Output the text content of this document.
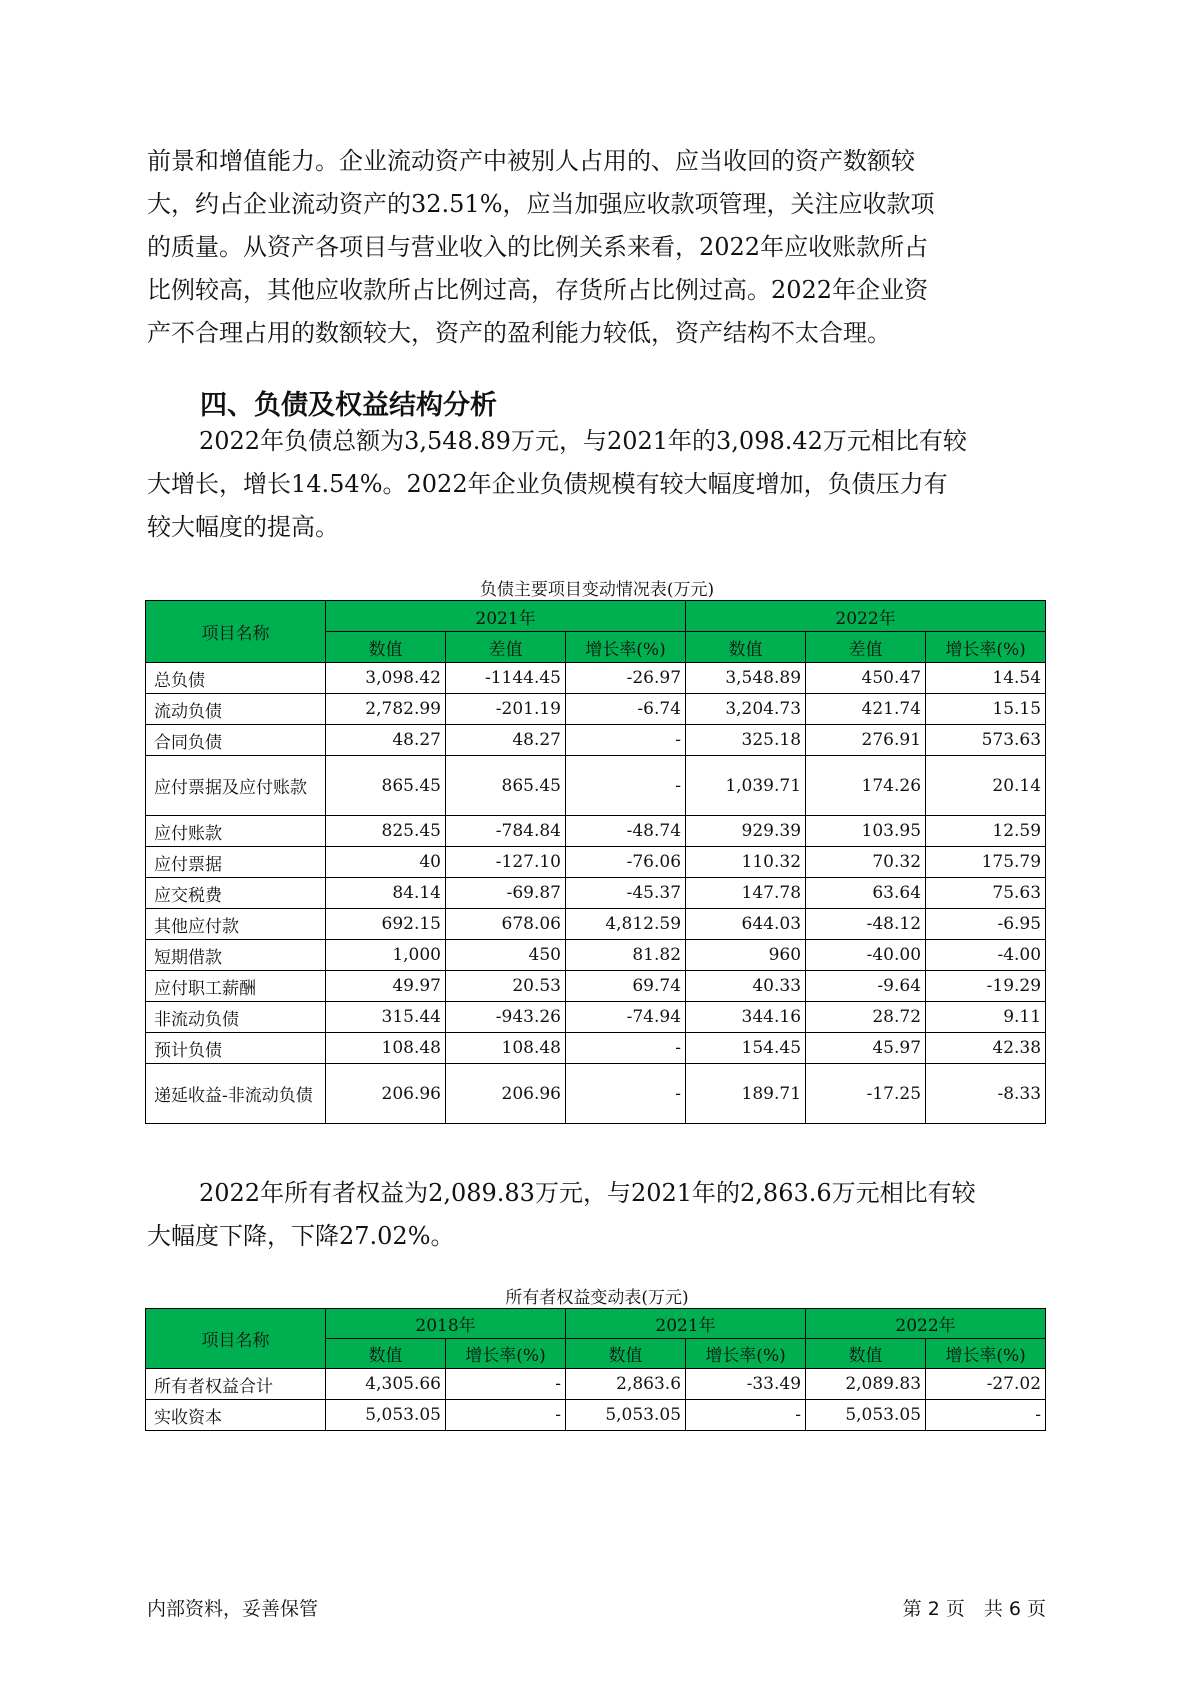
前景和增值能力。企业流动资产中被别人占用的、应当收回的资产数额较
大，约占企业流动资产的32.51%，应当加强应收款项管理，关注应收款项
的质量。从资产各项目与营业收入的比例关系来看，2022年应收账款所占
比例较高，其他应收款所占比例过高，存货所占比例过高。2022年企业资
产不合理占用的数额较大，资产的盈利能力较低，资产结构不太合理。
四、负债及权益结构分析
2022年负债总额为3,548.89万元，与2021年的3,098.42万元相比有较
大增长，增长14.54%。2022年企业负债规模有较大幅度增加，负债压力有
较大幅度的提高。
负债主要项目变动情况表(万元)
项目名称	2021年			2022年		
	数值	差值	增长率(%)	数值	差值	增长率(%)
总负债	3,098.42	-1144.45	-26.97	3,548.89	450.47	14.54
流动负债	2,782.99	-201.19	-6.74	3,204.73	421.74	15.15
合同负债	48.27	48.27	-	325.18	276.91	573.63
应付票据及应付账款	865.45	865.45	-	1,039.71	174.26	20.14
应付账款	825.45	-784.84	-48.74	929.39	103.95	12.59
应付票据	40	-127.10	-76.06	110.32	70.32	175.79
应交税费	84.14	-69.87	-45.37	147.78	63.64	75.63
其他应付款	692.15	678.06	4,812.59	644.03	-48.12	-6.95
短期借款	1,000	450	81.82	960	-40.00	-4.00
应付职工薪酬	49.97	20.53	69.74	40.33	-9.64	-19.29
非流动负债	315.44	-943.26	-74.94	344.16	28.72	9.11
预计负债	108.48	108.48	-	154.45	45.97	42.38
递延收益-非流动负债	206.96	206.96	-	189.71	-17.25	-8.33
2022年所有者权益为2,089.83万元，与2021年的2,863.6万元相比有较
大幅度下降，下降27.02%。
所有者权益变动表(万元)
项目名称	2018年		2021年		2022年	
	数值	增长率(%)	数值	增长率(%)	数值	增长率(%)
所有者权益合计	4,305.66	-	2,863.6	-33.49	2,089.83	-27.02
实收资本	5,053.05	-	5,053.05	-	5,053.05	-
内部资料，妥善保管	第 2 页　共 6 页
